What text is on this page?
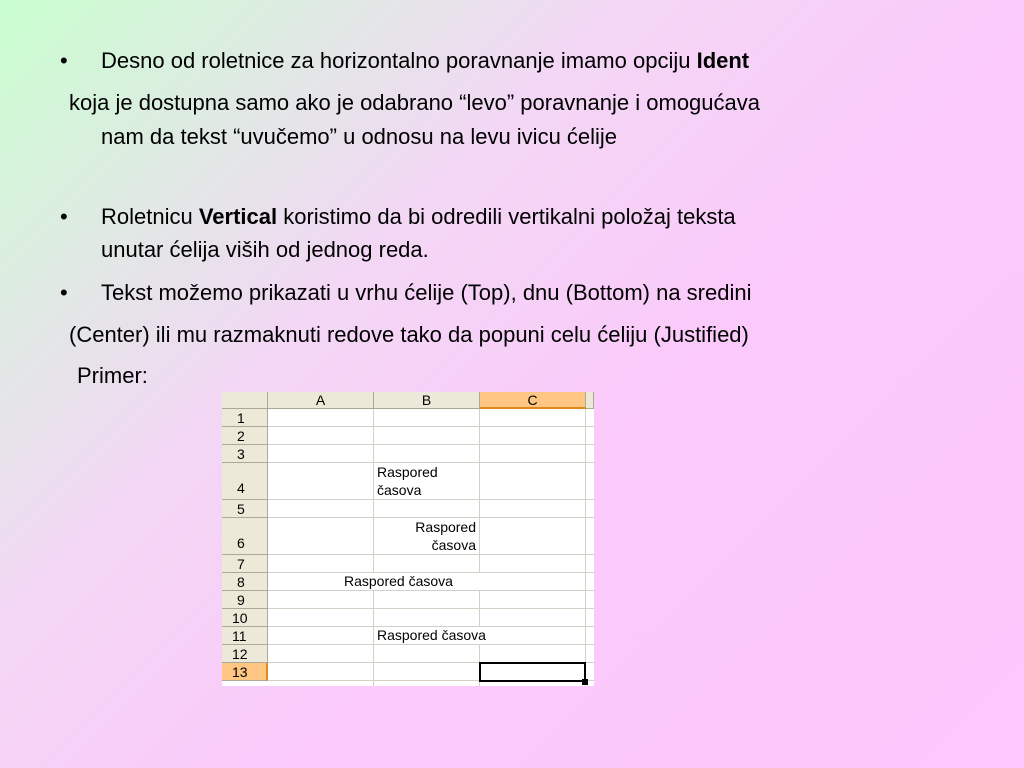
• Desno od roletnice za horizontalno poravnanje imamo opciju Ident
koja je dostupna samo ako je odabrano “levo” poravnanje i omogućava
nam da tekst “uvučemo” u odnosu na levu ivicu ćelije
• Roletnicu Vertical koristimo da bi odredili vertikalni položaj teksta
unutar ćelija viših od jednog reda.
• Tekst možemo prikazati u vrhu ćelije (Top), dnu (Bottom) na sredini
(Center) ili mu razmaknuti redove tako da popuni celu ćeliju (Justified)
Primer:
A	B	C
1
2
3
4
5
6
7
8
9
10
11
12
13
Raspored
časova
Raspored
časova
Raspored časova
Raspored časova
